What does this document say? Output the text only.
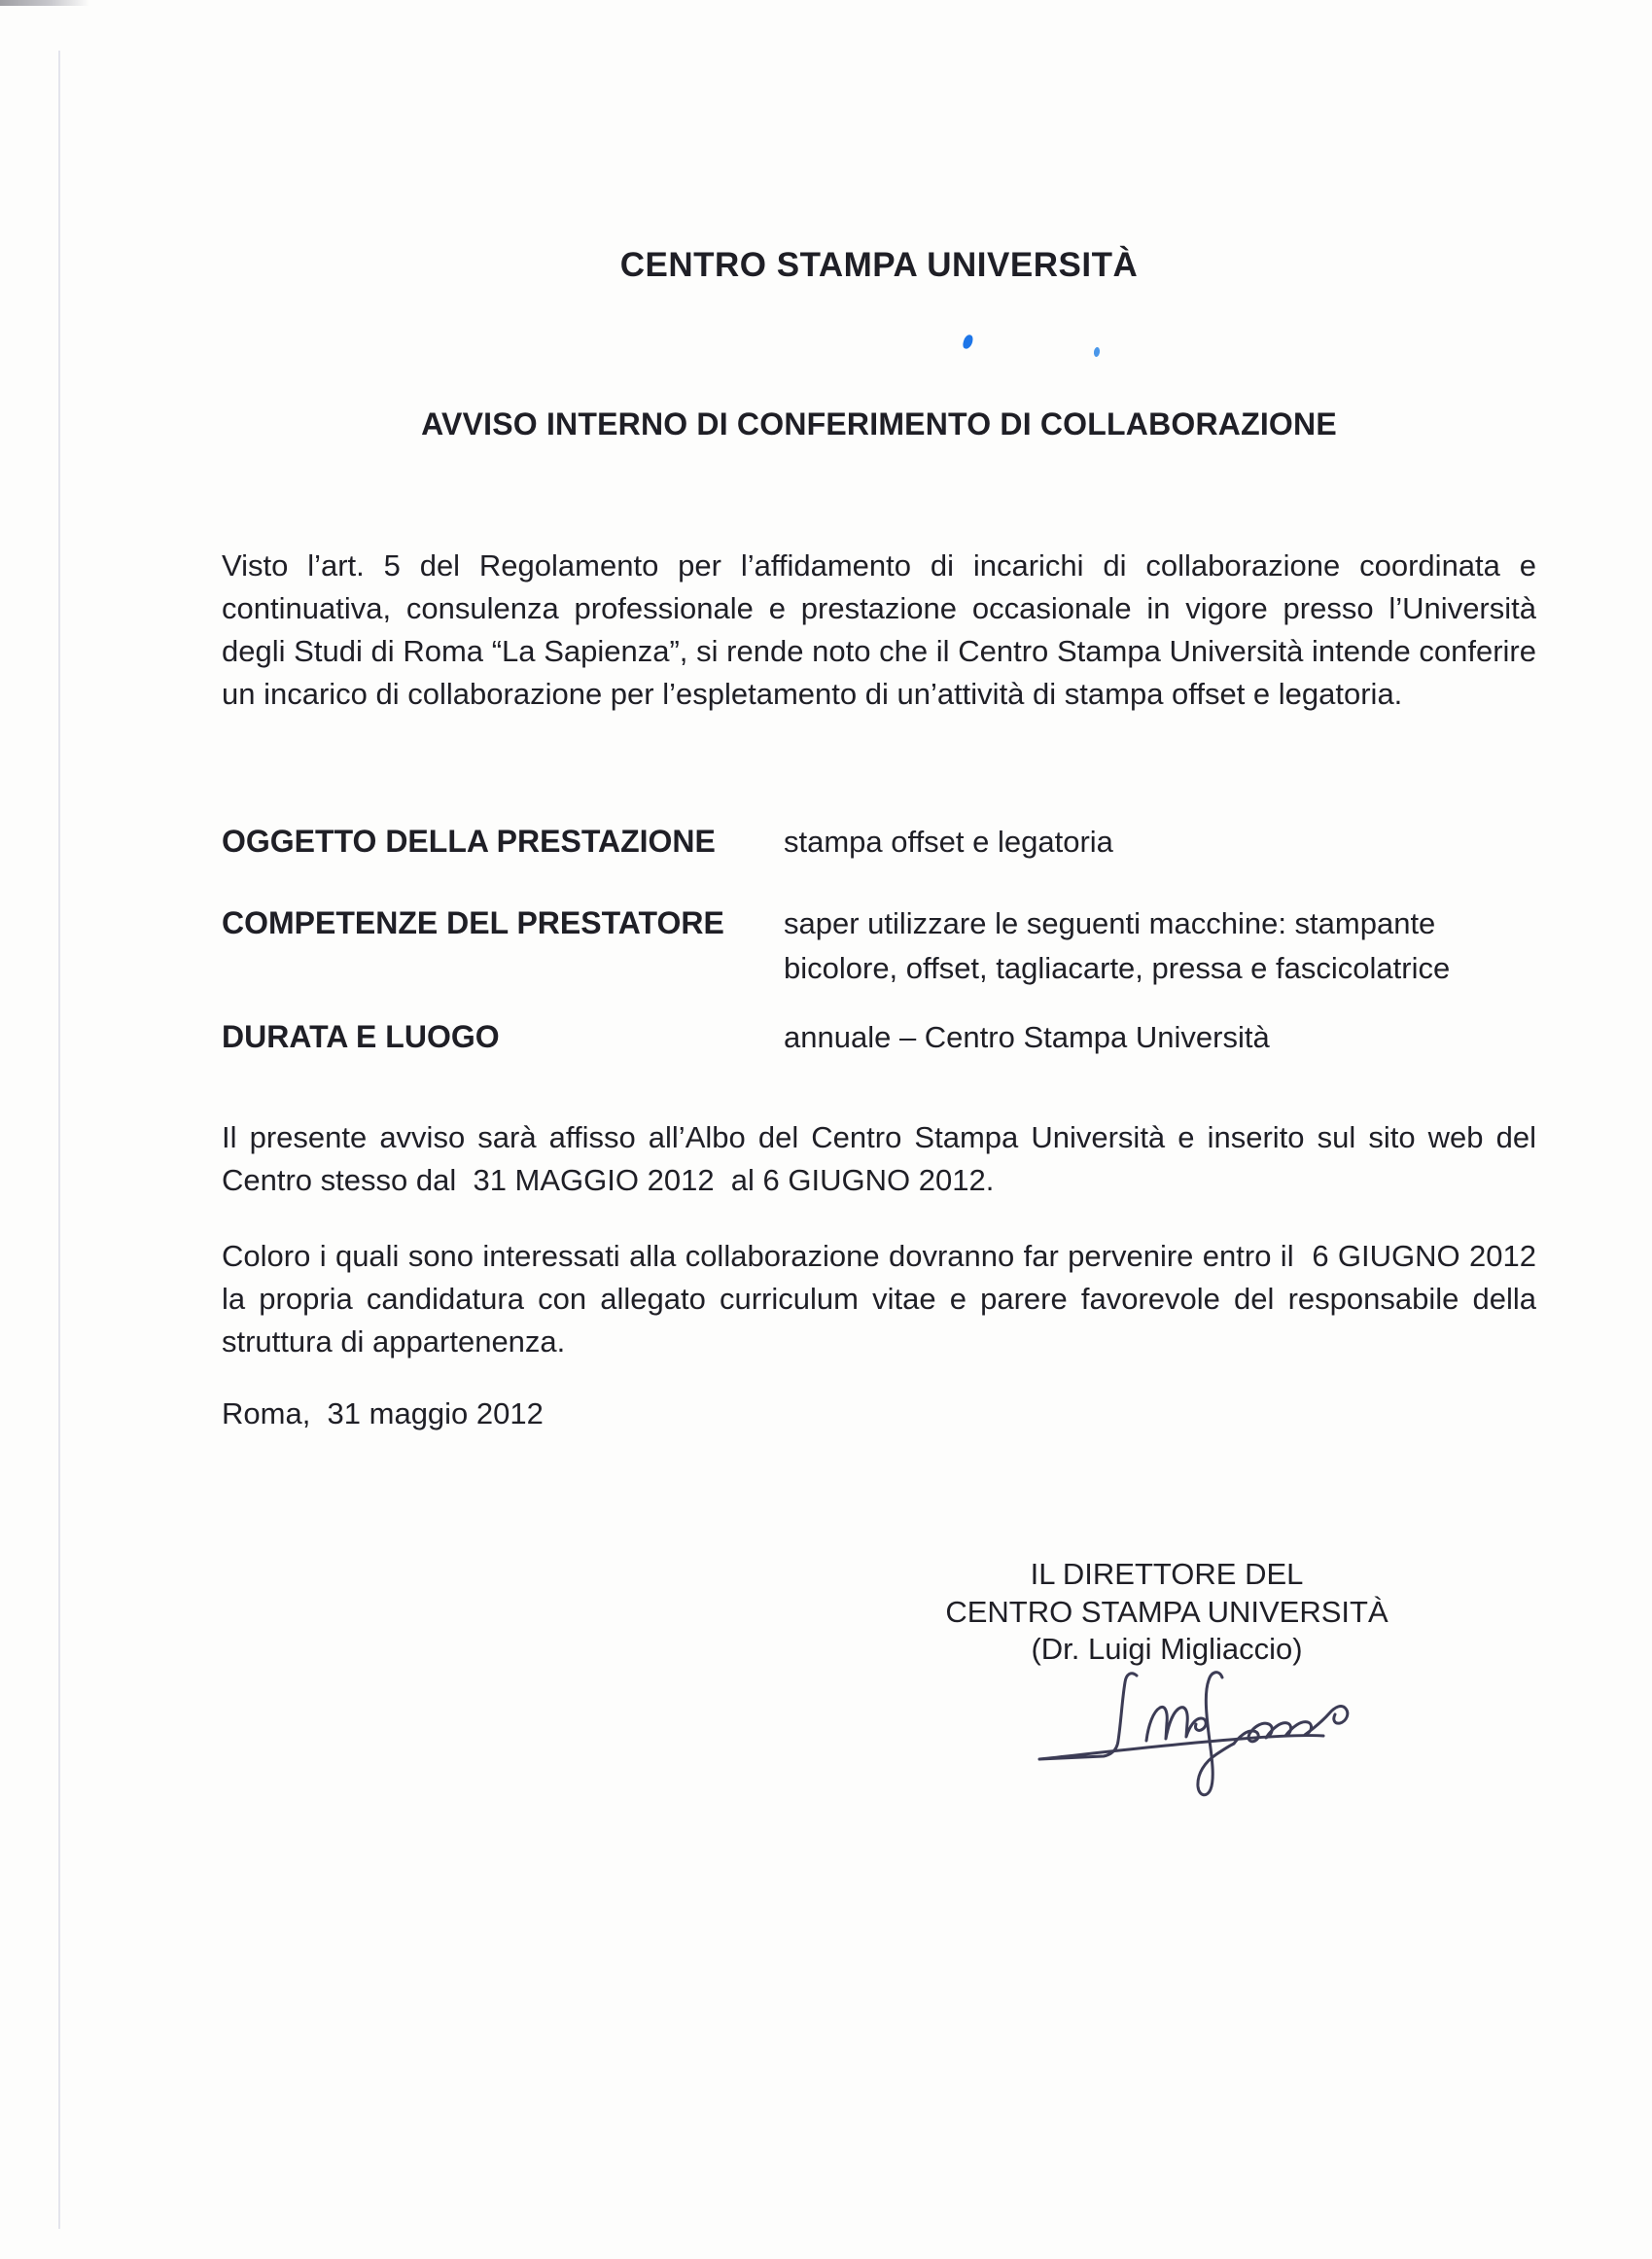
CENTRO STAMPA UNIVERSITÀ
AVVISO INTERNO DI CONFERIMENTO DI COLLABORAZIONE
Visto l’art. 5 del Regolamento per l’affidamento di incarichi di collaborazione coordinata e continuativa, consulenza professionale e prestazione occasionale in vigore presso l’Università degli Studi di Roma “La Sapienza”, si rende noto che il Centro Stampa Università intende conferire un incarico di collaborazione per l’espletamento di un’attività di stampa offset e legatoria.
OGGETTO DELLA PRESTAZIONE stampa offset e legatoria
COMPETENZE DEL PRESTATORE saper utilizzare le seguenti macchine: stampante bicolore, offset, tagliacarte, pressa e fascicolatrice
DURATA E LUOGO	annuale – Centro Stampa Università
Il presente avviso sarà affisso all’Albo del Centro Stampa Università e inserito sul sito web del Centro stesso dal  31 MAGGIO 2012  al 6 GIUGNO 2012.
Coloro i quali sono interessati alla collaborazione dovranno far pervenire entro il  6 GIUGNO 2012 la propria candidatura con allegato curriculum vitae e parere favorevole del responsabile della struttura di appartenenza.
Roma,  31 maggio 2012
IL DIRETTORE DEL
CENTRO STAMPA UNIVERSITÀ
(Dr. Luigi Migliaccio)
